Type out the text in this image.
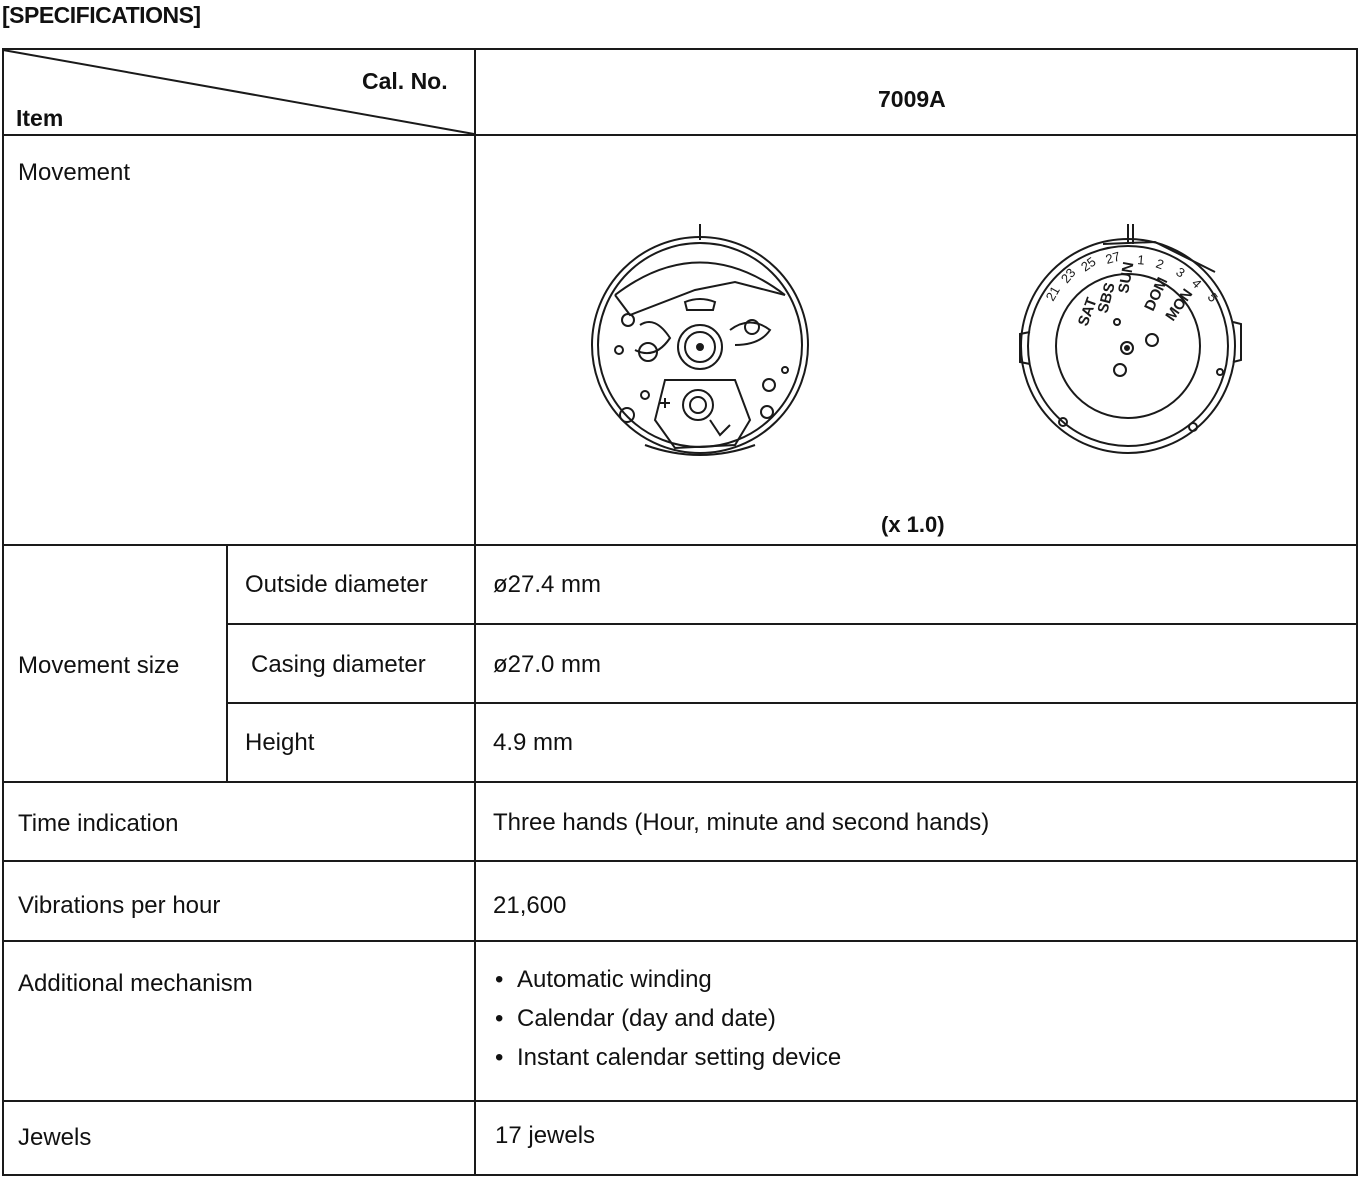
[SPECIFICATIONS]
Cal. No.
Item
7009A
Movement
SUN DOM
SAT
SBS	MON
21
23
25 27 1 2
3
4
5
(x 1.0)
Movement size
Outside diameter	ø27.4 mm
Casing diameter	ø27.0 mm
Height	4.9 mm
Time indication	Three hands (Hour, minute and second hands)
Vibrations per hour	21,600
Additional mechanism	• Automatic winding
• Calendar (day and date)
• Instant calendar setting device
Jewels	17 jewels
